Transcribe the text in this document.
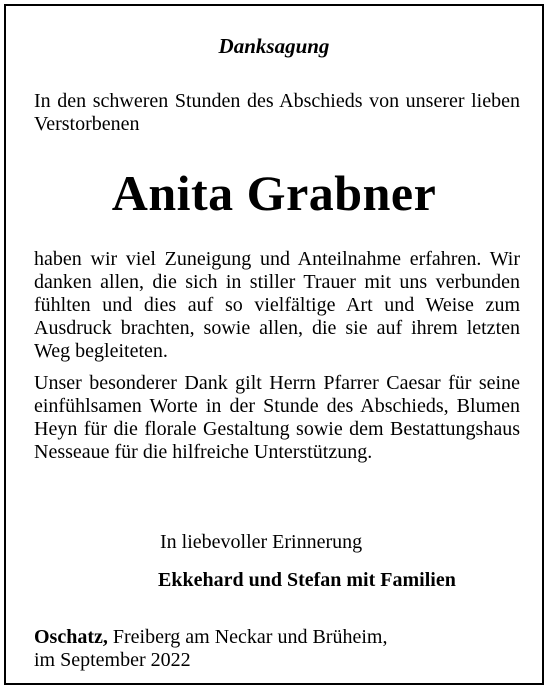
Danksagung
In den schweren Stunden des Abschieds von unserer lieben Verstorbenen
Anita Grabner
haben wir viel Zuneigung und Anteilnahme erfahren. Wir danken allen, die sich in stiller Trauer mit uns verbunden fühlten und dies auf so vielfältige Art und Weise zum Ausdruck brachten, sowie allen, die sie auf ihrem letzten Weg begleiteten.
Unser besonderer Dank gilt Herrn Pfarrer Caesar für seine einfühlsamen Worte in der Stunde des Abschieds, Blumen Heyn für die florale Gestaltung sowie dem Bestattungshaus Nesseaue für die hilfreiche Unterstützung.
In liebevoller Erinnerung
Ekkehard und Stefan mit Familien
Oschatz, Freiberg am Neckar und Brüheim,
im September 2022
